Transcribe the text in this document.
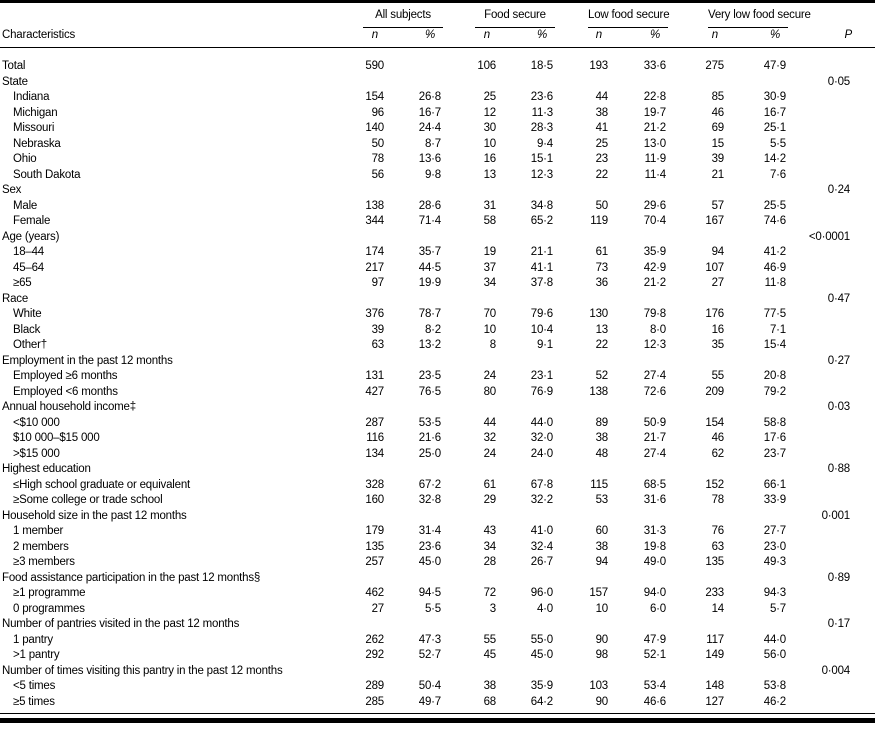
	All subjects		Food secure		Low food secure		Very low food secure		

Characteristics	n	%	n	%	n	%	n	%	P
Total	590		106	18·5	193	33·6	275	47·9	
State									0·05
Indiana	154	26·8	25	23·6	44	22·8	85	30·9	
Michigan	96	16·7	12	11·3	38	19·7	46	16·7	
Missouri	140	24·4	30	28·3	41	21·2	69	25·1	
Nebraska	50	8·7	10	9·4	25	13·0	15	5·5	
Ohio	78	13·6	16	15·1	23	11·9	39	14·2	
South Dakota	56	9·8	13	12·3	22	11·4	21	7·6	
Sex									0·24
Male	138	28·6	31	34·8	50	29·6	57	25·5	
Female	344	71·4	58	65·2	119	70·4	167	74·6	
Age (years)									<0·0001
18–44	174	35·7	19	21·1	61	35·9	94	41·2	
45–64	217	44·5	37	41·1	73	42·9	107	46·9	
≥65	97	19·9	34	37·8	36	21·2	27	11·8	
Race									0·47
White	376	78·7	70	79·6	130	79·8	176	77·5	
Black	39	8·2	10	10·4	13	8·0	16	7·1	
Other†	63	13·2	8	9·1	22	12·3	35	15·4	
Employment in the past 12 months									0·27
Employed ≥6 months	131	23·5	24	23·1	52	27·4	55	20·8	
Employed <6 months	427	76·5	80	76·9	138	72·6	209	79·2	
Annual household income‡									0·03
<$10 000	287	53·5	44	44·0	89	50·9	154	58·8	
$10 000–$15 000	116	21·6	32	32·0	38	21·7	46	17·6	
>$15 000	134	25·0	24	24·0	48	27·4	62	23·7	
Highest education									0·88
≤High school graduate or equivalent	328	67·2	61	67·8	115	68·5	152	66·1	
≥Some college or trade school	160	32·8	29	32·2	53	31·6	78	33·9	
Household size in the past 12 months									0·001
1 member	179	31·4	43	41·0	60	31·3	76	27·7	
2 members	135	23·6	34	32·4	38	19·8	63	23·0	
≥3 members	257	45·0	28	26·7	94	49·0	135	49·3	
Food assistance participation in the past 12 months§									0·89
≥1 programme	462	94·5	72	96·0	157	94·0	233	94·3	
0 programmes	27	5·5	3	4·0	10	6·0	14	5·7	
Number of pantries visited in the past 12 months									0·17
1 pantry	262	47·3	55	55·0	90	47·9	117	44·0	
>1 pantry	292	52·7	45	45·0	98	52·1	149	56·0	
Number of times visiting this pantry in the past 12 months									0·004
<5 times	289	50·4	38	35·9	103	53·4	148	53·8	
≥5 times	285	49·7	68	64·2	90	46·6	127	46·2	
